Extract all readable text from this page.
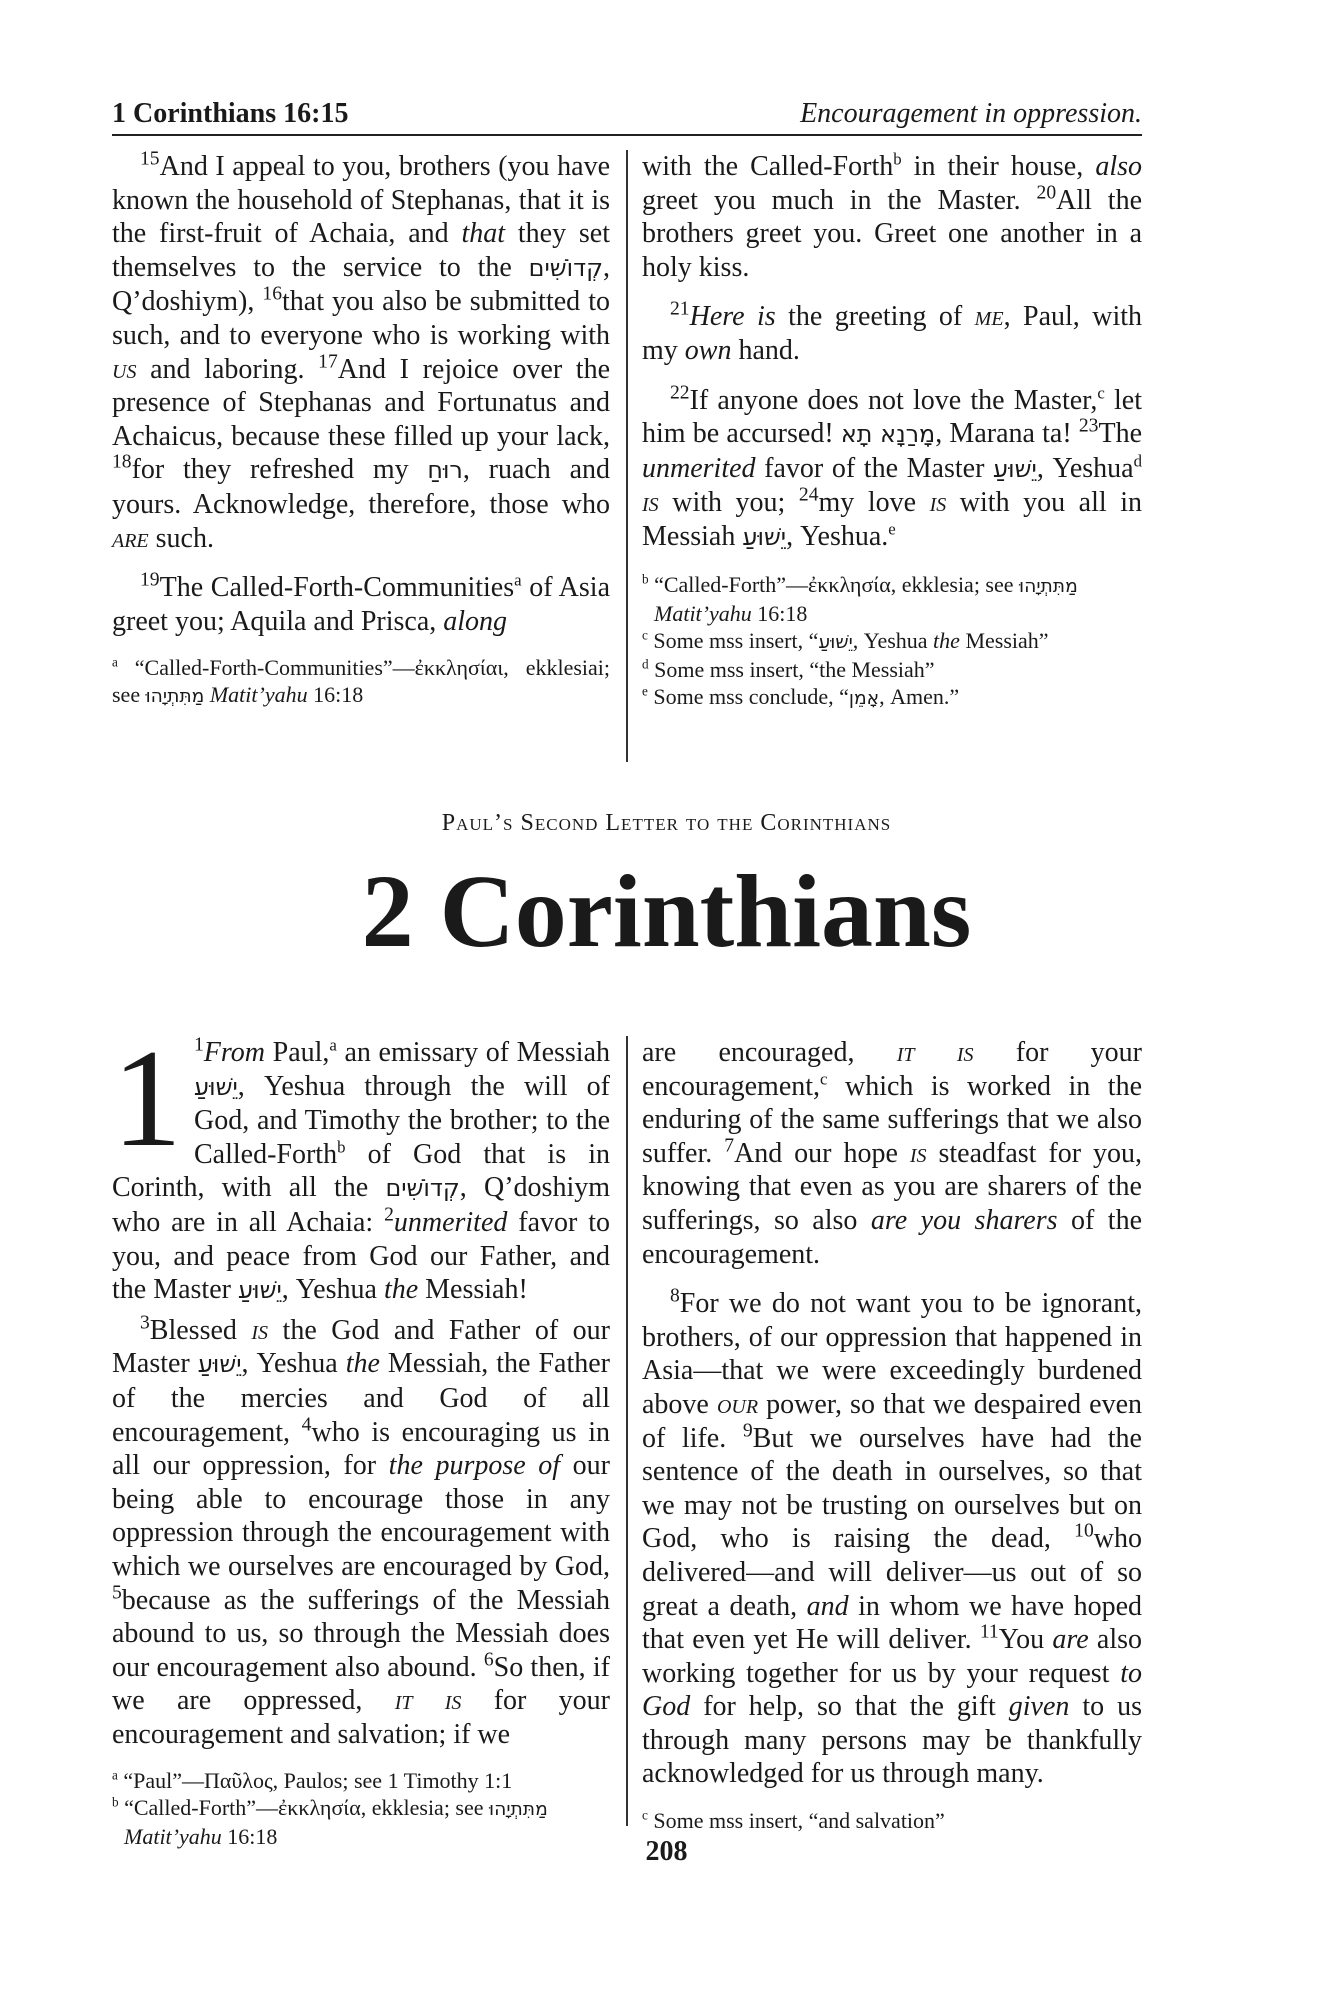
1 Corinthians 16:15	Encouragement in oppression.

$^{15}$And I appeal to you, brothers (you have known the household of Stephanas, that it is the first-fruit of Achaia, and that they set themselves to the service to the קְדוֹשִׁים, Q’doshiym), $^{16}$that you also be submitted to such, and to everyone who is working with us and laboring. $^{17}$And I rejoice over the presence of Stephanas and Fortunatus and Achaicus, because these filled up your lack, $^{18}$for they refreshed my רוּחַ, ruach and yours. Acknowledge, therefore, those who are such.

$^{19}$The Called-Forth-Communities$^a$ of Asia greet you; Aquila and Prisca, along

$^a$ “Called-Forth-Communities”—ἐκκλησίαι, ekklesiai; see מַתִּתְיָהוּ Matit’yahu 16:18

with the Called-Forth$^b$ in their house, also greet you much in the Master. $^{20}$All the brothers greet you. Greet one another in a holy kiss.

$^{21}$Here is the greeting of me, Paul, with my own hand.

$^{22}$If anyone does not love the Master,$^c$ let him be accursed! מָרַנָא תָא, Marana ta! $^{23}$The unmerited favor of the Master יֵשׁוּעַ, Yeshua$^d$ is with you; $^{24}$my love is with you all in Messiah יֵשׁוּעַ, Yeshua.$^e$

$^b$ “Called-Forth”—ἐκκλησία, ekklesia; see מַתִּתְיָהוּ
Matit’yahu 16:18
$^c$ Some mss insert, “יֵשׁוּעַ, Yeshua the Messiah”
$^d$ Some mss insert, “the Messiah”
$^e$ Some mss conclude, “אָמֵן, Amen.”
Paul’s Second Letter to the Corinthians
2 Corinthians

1 $^1$From Paul,$^a$ an emissary of Messiah יֵשׁוּעַ, Yeshua through the will of God, and Timothy the brother; to the Called-Forth$^b$ of God that is in Corinth, with all the קְדוֹשִׁים, Q’doshiym who are in all Achaia: $^2$unmerited favor to you, and peace from God our Father, and the Master יֵשׁוּעַ, Yeshua the Messiah!

$^3$Blessed is the God and Father of our Master יֵשׁוּעַ, Yeshua the Messiah, the Father of the mercies and God of all encouragement, $^4$who is encouraging us in all our oppression, for the purpose of our being able to encourage those in any oppression through the encouragement with which we ourselves are encouraged by God, $^5$because as the sufferings of the Messiah abound to us, so through the Messiah does our encouragement also abound. $^6$So then, if we are oppressed, it is for your encouragement and salvation; if we

$^a$ “Paul”—Παῦλος, Paulos; see 1 Timothy 1:1
$^b$ “Called-Forth”—ἐκκλησία, ekklesia; see מַתִּתְיָהוּ
Matit’yahu 16:18

are encouraged, it is for your encouragement,$^c$ which is worked in the enduring of the same sufferings that we also suffer. $^7$And our hope is steadfast for you, knowing that even as you are sharers of the sufferings, so also are you sharers of the encouragement.

$^8$For we do not want you to be ignorant, brothers, of our oppression that happened in Asia—that we were exceedingly burdened above our power, so that we despaired even of life. $^9$But we ourselves have had the sentence of the death in ourselves, so that we may not be trusting on ourselves but on God, who is raising the dead, $^{10}$who delivered—and will deliver—us out of so great a death, and in whom we have hoped that even yet He will deliver. $^{11}$You are also working together for us by your request to God for help, so that the gift given to us through many persons may be thankfully acknowledged for us through many.

$^c$ Some mss insert, “and salvation”
208
